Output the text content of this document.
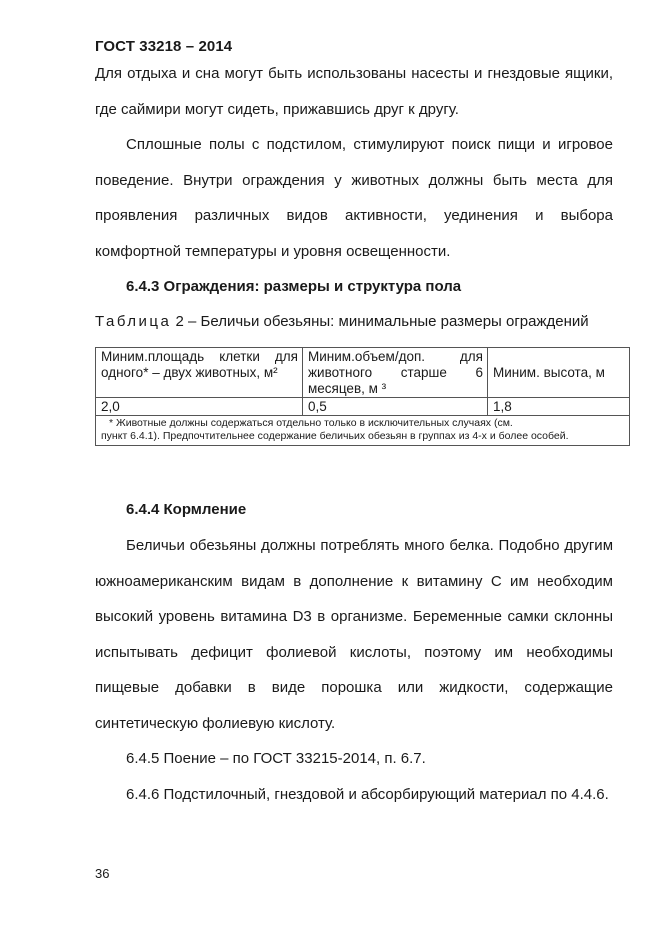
ГОСТ 33218 – 2014

Для отдыха и сна могут быть использованы насесты и гнездовые ящики, где саймири могут сидеть, прижавшись друг к другу.

Сплошные полы с подстилом, стимулируют поиск пищи и игровое поведение. Внутри ограждения у животных должны быть места для проявления различных видов активности, уединения и выбора комфортной температуры и уровня освещенности.

6.4.3 Ограждения: размеры и структура пола
Таблица 2 – Беличьи обезьяны: минимальные размеры ограждений
Миним.площадь клетки для одного* – двух животных, м²	Миним.объем/доп. для животного старше 6 месяцев, м ³	Миним. высота, м
2,0	0,5	1,8

* Животные должны содержаться отдельно только в исключительных случаях (см.
пункт 6.4.1). Предпочтительнее содержание беличьих обезьян в группах из 4-х и более особей.		
6.4.4 Кормление

Беличьи обезьяны должны потреблять много белка. Подобно другим южноамериканским видам в дополнение к витамину С им необходим высокий уровень витамина D3 в организме. Беременные самки склонны испытывать дефицит фолиевой кислоты, поэтому им необходимы пищевые добавки в виде порошка или жидкости, содержащие синтетическую фолиевую кислоту.

6.4.5 Поение – по ГОСТ 33215-2014, п. 6.7.

6.4.6 Подстилочный, гнездовой и абсорбирующий материал по 4.4.6.

36
